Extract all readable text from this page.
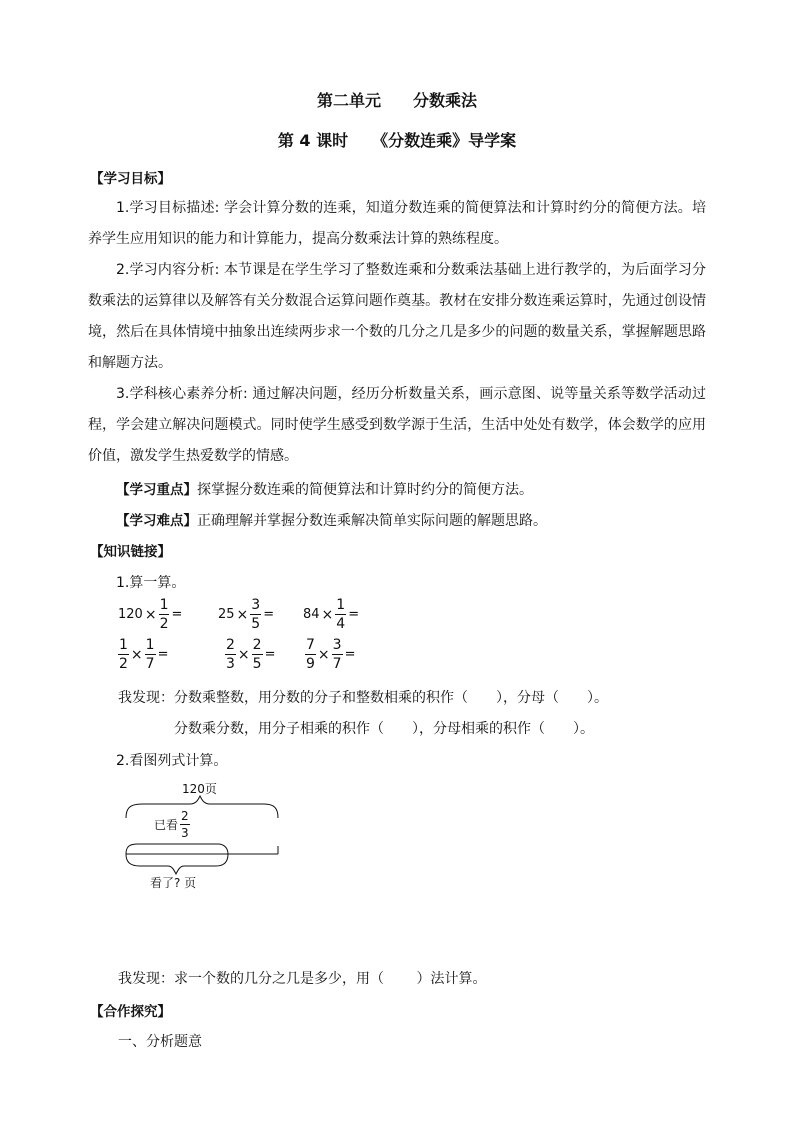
第二单元　　分数乘法
第 4 课时　　《分数连乘》导学案
【学习目标】
1.学习目标描述: 学会计算分数的连乘，知道分数连乘的简便算法和计算时约分的简便方法。培养学生应用知识的能力和计算能力，提高分数乘法计算的熟练程度。
2.学习内容分析: 本节课是在学生学习了整数连乘和分数乘法基础上进行教学的，为后面学习分数乘法的运算律以及解答有关分数混合运算问题作奠基。教材在安排分数连乘运算时，先通过创设情境，然后在具体情境中抽象出连续两步求一个数的几分之几是多少的问题的数量关系，掌握解题思路和解题方法。
3.学科核心素养分析: 通过解决问题，经历分析数量关系，画示意图、说等量关系等数学活动过程，学会建立解决问题模式。同时使学生感受到数学源于生活，生活中处处有数学，体会数学的应用价值，激发学生热爱数学的情感。
【学习重点】探掌握分数连乘的简便算法和计算时约分的简便方法。
【学习难点】正确理解并掌握分数连乘解决简单实际问题的解题思路。
【知识链接】
1.算一算。
$120 \times \frac{1}{2}$ =	$25 \times \frac{3}{5} = 84 \times \frac{1}{4}$ =
$\frac{1}{2} \times \frac{1}{7}$ =	$\frac{2}{3} \times \frac{2}{5} = \frac{7}{9} \times \frac{3}{7}$ =
我发现：分数乘整数，用分数的分子和整数相乘的积作（　　），分母（　　）。
分数乘分数，用分子相乘的积作（　　），分母相乘的积作（　　）。
2.看图列式计算。
120页
已看 $\frac{2}{3}$
看了? 页
我发现：求一个数的几分之几是多少，用（　　 ）法计算。
【合作探究】
一、分析题意
